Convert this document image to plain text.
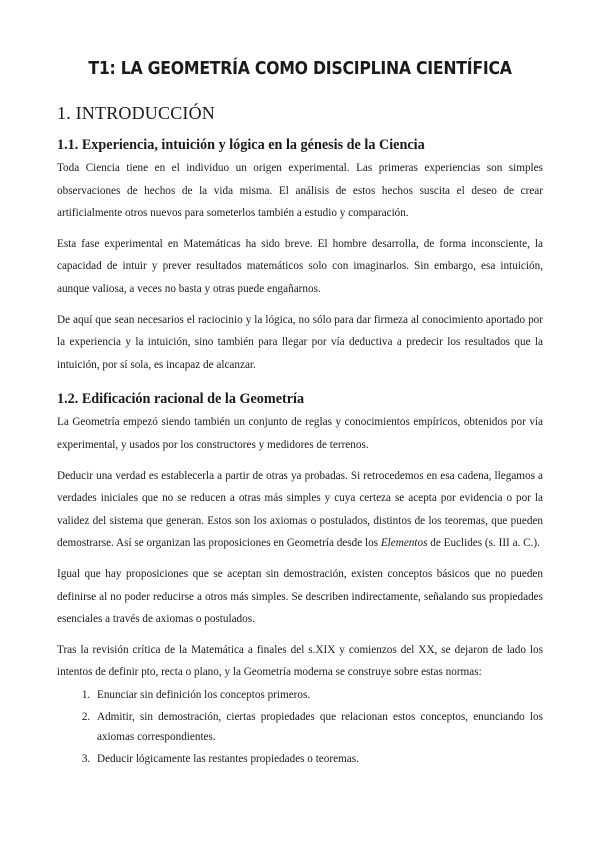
T1: LA GEOMETRÍA COMO DISCIPLINA CIENTÍFICA
1. INTRODUCCIÓN
1.1. Experiencia, intuición y lógica en la génesis de la Ciencia

Toda Ciencia tiene en el individuo un origen experimental. Las primeras experiencias son simples observaciones de hechos de la vida misma. El análisis de estos hechos suscita el deseo de crear artificialmente otros nuevos para someterlos también a estudio y comparación.

Esta fase experimental en Matemáticas ha sido breve. El hombre desarrolla, de forma inconsciente, la capacidad de intuir y prever resultados matemáticos solo con imaginarlos. Sin embargo, esa intuición, aunque valiosa, a veces no basta y otras puede engañarnos.

De aquí que sean necesarios el raciocinio y la lógica, no sólo para dar firmeza al conocimiento aportado por la experiencia y la intuición, sino también para llegar por vía deductiva a predecir los resultados que la intuición, por sí sola, es incapaz de alcanzar.

1.2. Edificación racional de la Geometría

La Geometría empezó siendo también un conjunto de reglas y conocimientos empíricos, obtenidos por vía experimental, y usados por los constructores y medidores de terrenos.

Deducir una verdad es establecerla a partir de otras ya probadas. Si retrocedemos en esa cadena, llegamos a verdades iniciales que no se reducen a otras más simples y cuya certeza se acepta por evidencia o por la validez del sistema que generan. Estos son los axiomas o postulados, distintos de los teoremas, que pueden demostrarse. Así se organizan las proposiciones en Geometría desde los Elementos de Euclides (s. III a. C.).

Igual que hay proposiciones que se aceptan sin demostración, existen conceptos básicos que no pueden definirse al no poder reducirse a otros más simples. Se describen indirectamente, señalando sus propiedades esenciales a través de axiomas o postulados.

Tras la revisión crítica de la Matemática a finales del s.XIX y comienzos del XX, se dejaron de lado los intentos de definir pto, recta o plano, y la Geometría moderna se construye sobre estas normas:

1. Enunciar sin definición los conceptos primeros.
2. Admitir, sin demostración, ciertas propiedades que relacionan estos conceptos, enunciando los axiomas correspondientes.
3. Deducir lógicamente las restantes propiedades o teoremas.
